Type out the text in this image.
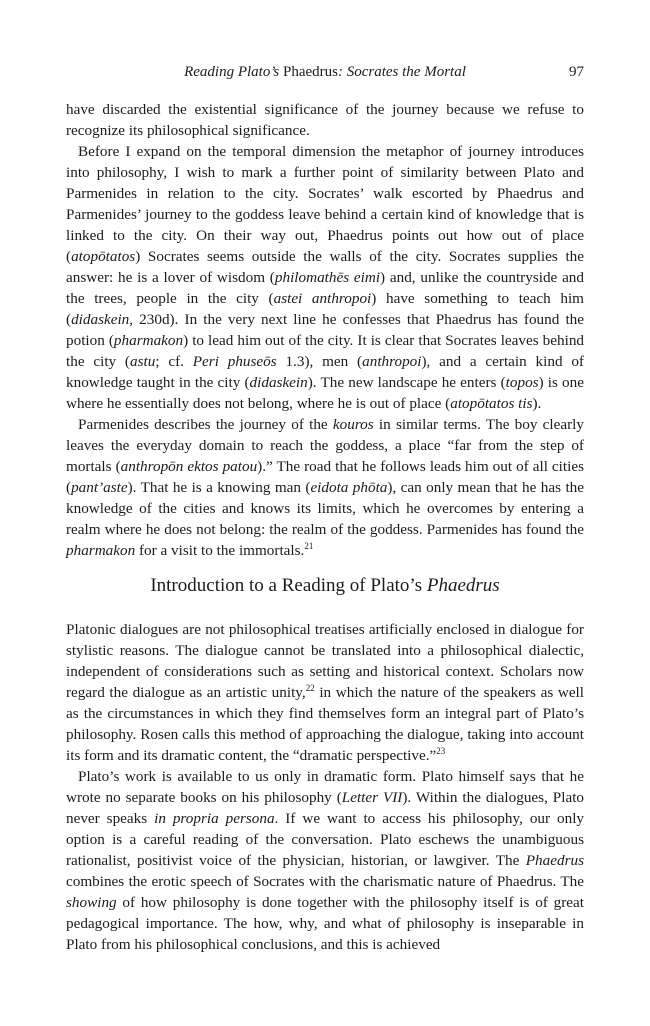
Reading Plato’s Phaedrus: Socrates the Mortal	97

have discarded the existential significance of the journey because we refuse to recognize its philosophical significance.

Before I expand on the temporal dimension the metaphor of journey introduces into philosophy, I wish to mark a further point of similarity between Plato and Parmenides in relation to the city. Socrates’ walk escorted by Phaedrus and Parmenides’ journey to the goddess leave behind a certain kind of knowledge that is linked to the city. On their way out, Phaedrus points out how out of place (atopōtatos) Socrates seems outside the walls of the city. Socrates supplies the answer: he is a lover of wisdom (philomathēs eimi) and, unlike the countryside and the trees, people in the city (astei anthropoi) have something to teach him (didaskein, 230d). In the very next line he confesses that Phaedrus has found the potion (pharmakon) to lead him out of the city. It is clear that Socrates leaves behind the city (astu; cf. Peri phuseōs 1.3), men (anthropoi), and a certain kind of knowledge taught in the city (didaskein). The new landscape he enters (topos) is one where he essentially does not belong, where he is out of place (atopōtatos tis).

Parmenides describes the journey of the kouros in similar terms. The boy clearly leaves the everyday domain to reach the goddess, a place “far from the step of mortals (anthropōn ektos patou).” The road that he follows leads him out of all cities (pant’aste). That he is a knowing man (eidota phōta), can only mean that he has the knowledge of the cities and knows its limits, which he overcomes by entering a realm where he does not belong: the realm of the goddess. Parmenides has found the pharmakon for a visit to the immortals.$^{21}$

Introduction to a Reading of Plato’s Phaedrus

Platonic dialogues are not philosophical treatises artificially enclosed in dialogue for stylistic reasons. The dialogue cannot be translated into a philosophical dialectic, independent of considerations such as setting and historical context. Scholars now regard the dialogue as an artistic unity,$^{22}$ in which the nature of the speakers as well as the circumstances in which they find themselves form an integral part of Plato’s philosophy. Rosen calls this method of approaching the dialogue, taking into account its form and its dramatic content, the “dramatic perspective.”$^{23}$

Plato’s work is available to us only in dramatic form. Plato himself says that he wrote no separate books on his philosophy (Letter VII). Within the dialogues, Plato never speaks in propria persona. If we want to access his philosophy, our only option is a careful reading of the conversation. Plato eschews the unambiguous rationalist, positivist voice of the physician, historian, or lawgiver. The Phaedrus combines the erotic speech of Socrates with the charismatic nature of Phaedrus. The showing of how philosophy is done together with the philosophy itself is of great pedagogical importance. The how, why, and what of philosophy is inseparable in Plato from his philosophical conclusions, and this is achieved
